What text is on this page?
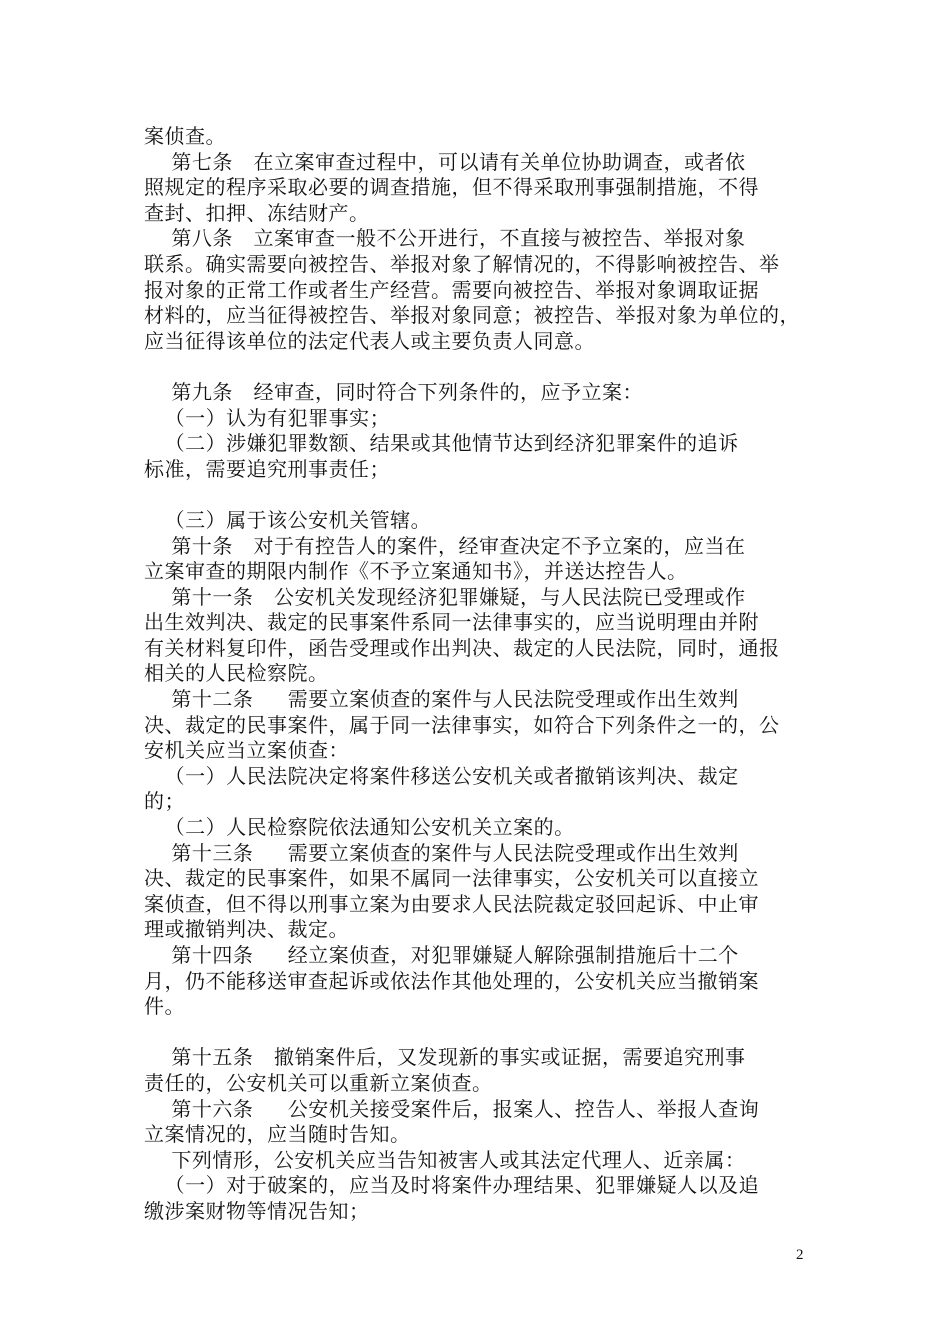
案侦查。
第七条   在立案审查过程中，可以请有关单位协助调查，或者依
照规定的程序采取必要的调查措施，但不得采取刑事强制措施，不得
查封、扣押、冻结财产。
第八条   立案审查一般不公开进行，不直接与被控告、举报对象
联系。确实需要向被控告、举报对象了解情况的，不得影响被控告、举
报对象的正常工作或者生产经营。需要向被控告、举报对象调取证据
材料的，应当征得被控告、举报对象同意；被控告、举报对象为单位的，
应当征得该单位的法定代表人或主要负责人同意。
第九条   经审查，同时符合下列条件的，应予立案：
（一）认为有犯罪事实；
（二）涉嫌犯罪数额、结果或其他情节达到经济犯罪案件的追诉
标准，需要追究刑事责任；
（三）属于该公安机关管辖。
第十条   对于有控告人的案件，经审查决定不予立案的，应当在
立案审查的期限内制作《不予立案通知书》，并送达控告人。
第十一条   公安机关发现经济犯罪嫌疑，与人民法院已受理或作
出生效判决、裁定的民事案件系同一法律事实的，应当说明理由并附
有关材料复印件，函告受理或作出判决、裁定的人民法院，同时，通报
相关的人民检察院。
第十二条     需要立案侦查的案件与人民法院受理或作出生效判
决、裁定的民事案件，属于同一法律事实，如符合下列条件之一的，公
安机关应当立案侦查：
（一）人民法院决定将案件移送公安机关或者撤销该判决、裁定
的；
（二）人民检察院依法通知公安机关立案的。
第十三条     需要立案侦查的案件与人民法院受理或作出生效判
决、裁定的民事案件，如果不属同一法律事实，公安机关可以直接立
案侦查，但不得以刑事立案为由要求人民法院裁定驳回起诉、中止审
理或撤销判决、裁定。
第十四条     经立案侦查，对犯罪嫌疑人解除强制措施后十二个
月，仍不能移送审查起诉或依法作其他处理的，公安机关应当撤销案
件。
第十五条   撤销案件后，又发现新的事实或证据，需要追究刑事
责任的，公安机关可以重新立案侦查。
第十六条     公安机关接受案件后，报案人、控告人、举报人查询
立案情况的，应当随时告知。
下列情形，公安机关应当告知被害人或其法定代理人、近亲属：
（一）对于破案的，应当及时将案件办理结果、犯罪嫌疑人以及追
缴涉案财物等情况告知；
2
